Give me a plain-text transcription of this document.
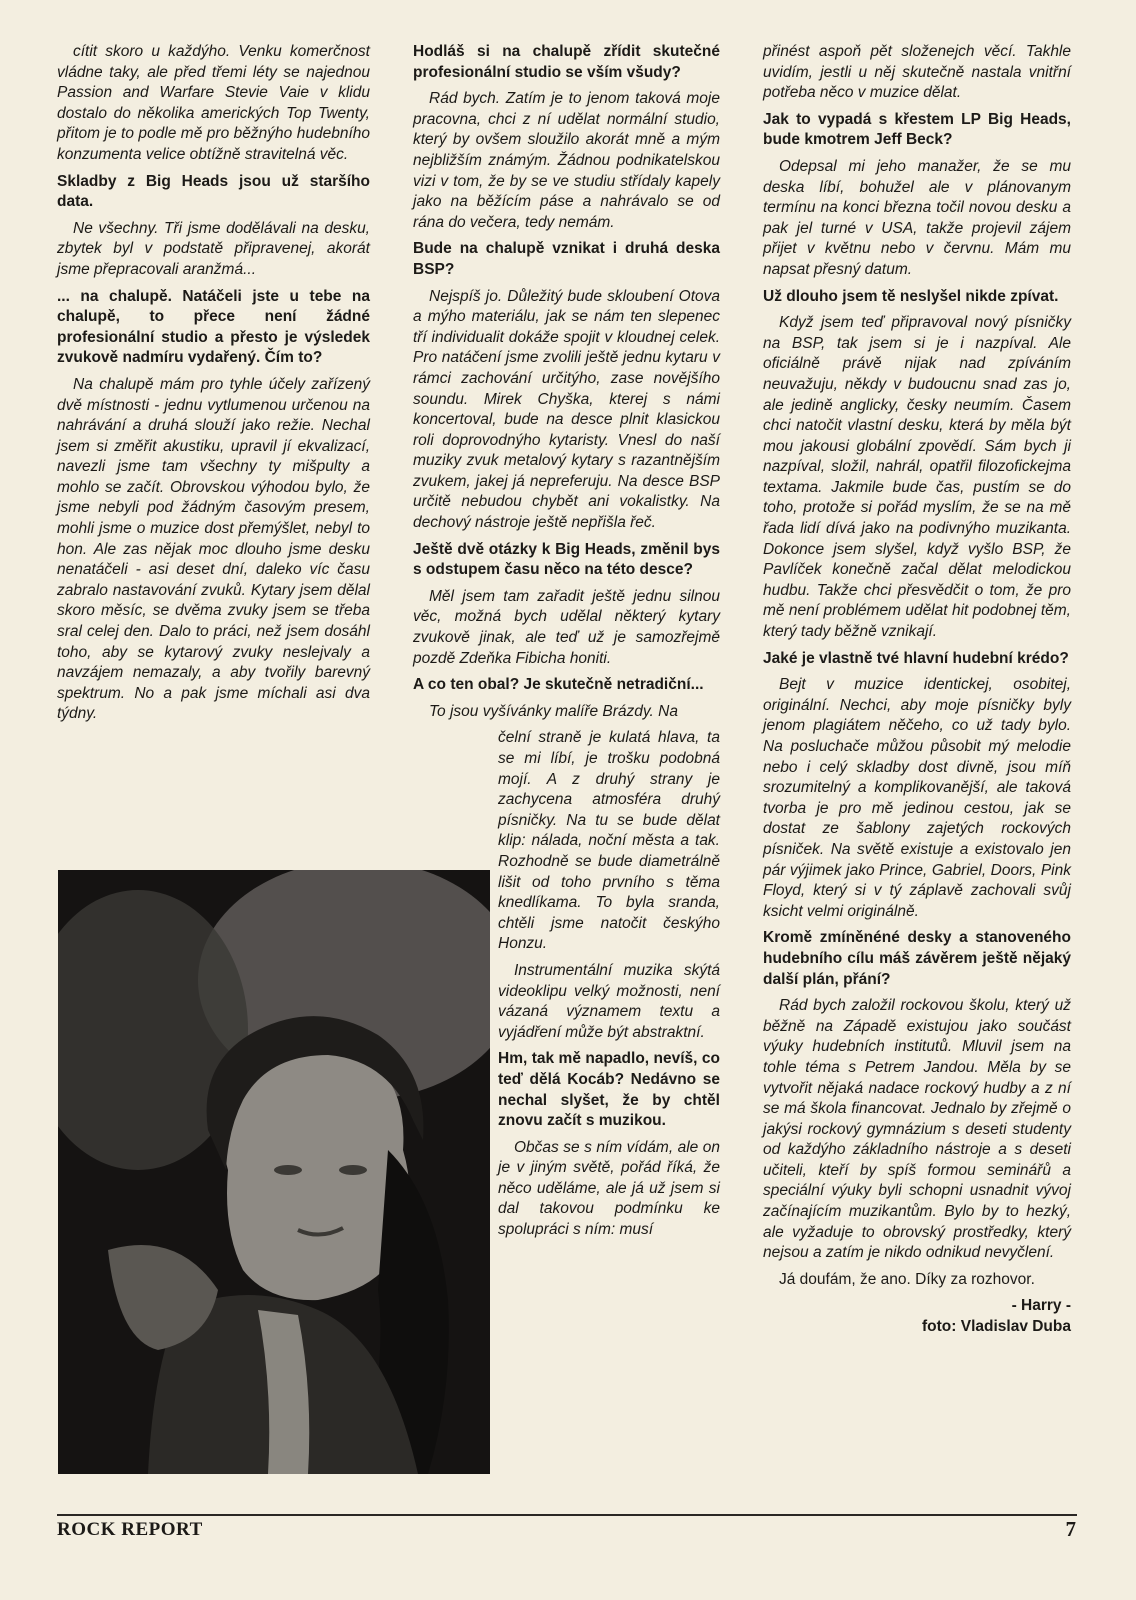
cítit skoro u každýho. Venku komerčnost vládne taky, ale před třemi léty se najednou Passion and Warfare Stevie Vaie v klidu dostalo do několika amerických Top Twenty, přitom je to podle mě pro běžnýho hudebního konzumenta velice obtížně stravitelná věc.

Skladby z Big Heads jsou už staršího data.

Ne všechny. Tři jsme dodělávali na desku, zbytek byl v podstatě připravenej, akorát jsme přepracovali aranžmá...

... na chalupě. Natáčeli jste u tebe na chalupě, to přece není žádné profesionální studio a přesto je výsledek zvukově nadmíru vydařený. Čím to?

Na chalupě mám pro tyhle účely zařízený dvě místnosti - jednu vytlumenou určenou na nahrávání a druhá slouží jako režie. Nechal jsem si změřit akustiku, upravil jí ekvalizací, navezli jsme tam všechny ty mišpulty a mohlo se začít. Obrovskou výhodou bylo, že jsme nebyli pod žádným časovým presem, mohli jsme o muzice dost přemýšlet, nebyl to hon. Ale zas nějak moc dlouho jsme desku nenatáčeli - asi deset dní, daleko víc času zabralo nastavování zvuků. Kytary jsem dělal skoro měsíc, se dvěma zvuky jsem se třeba sral celej den. Dalo to práci, než jsem dosáhl toho, aby se kytarový zvuky neslejvaly a navzájem nemazaly, a aby tvořily barevný spektrum. No a pak jsme míchali asi dva týdny.

Hodláš si na chalupě zřídit skutečné profesionální studio se vším všudy?

Rád bych. Zatím je to jenom taková moje pracovna, chci z ní udělat normální studio, který by ovšem sloužilo akorát mně a mým nejbližším známým. Žádnou podnikatelskou vizi v tom, že by se ve studiu střídaly kapely jako na běžícím páse a nahrávalo se od rána do večera, tedy nemám.

Bude na chalupě vznikat i druhá deska BSP?

Nejspíš jo. Důležitý bude skloubení Otova a mýho materiálu, jak se nám ten slepenec tří individualit dokáže spojit v kloudnej celek. Pro natáčení jsme zvolili ještě jednu kytaru v rámci zachování určitýho, zase novějšího soundu. Mirek Chyška, kterej s námi koncertoval, bude na desce plnit klasickou roli doprovodnýho kytaristy. Vnesl do naší muziky zvuk metalový kytary s razantnějším zvukem, jakej já nepreferuju. Na desce BSP určitě nebudou chybět ani vokalistky. Na dechový nástroje ještě nepřišla řeč.

Ještě dvě otázky k Big Heads, změnil bys s odstupem času něco na této desce?

Měl jsem tam zařadit ještě jednu silnou věc, možná bych udělal některý kytary zvukově jinak, ale teď už je samozřejmě pozdě Zdeňka Fibicha honiti.

A co ten obal? Je skutečně netradiční...

To jsou vyšívánky malíře Brázdy. Na

čelní straně je kulatá hlava, ta se mi líbí, je trošku podobná mojí. A z druhý strany je zachycena atmosféra druhý písničky. Na tu se bude dělat klip: nálada, noční města a tak. Rozhodně se bude diametrálně lišit od toho prvního s těma knedlíkama. To byla sranda, chtěli jsme natočit českýho Honzu.

Instrumentální muzika skýtá videoklipu velký možnosti, není vázaná významem textu a vyjádření může být abstraktní.

Hm, tak mě napadlo, nevíš, co teď dělá Kocáb? Nedávno se nechal slyšet, že by chtěl znovu začít s muzikou.

Občas se s ním vídám, ale on je v jiným světě, pořád říká, že něco uděláme, ale já už jsem si dal takovou podmínku ke spolupráci s ním: musí

přinést aspoň pět složenejch věcí. Takhle uvidím, jestli u něj skutečně nastala vnitřní potřeba něco v muzice dělat.

Jak to vypadá s křestem LP Big Heads, bude kmotrem Jeff Beck?

Odepsal mi jeho manažer, že se mu deska líbí, bohužel ale v plánovanym termínu na konci března točil novou desku a pak jel turné v USA, takže projevil zájem přijet v květnu nebo v červnu. Mám mu napsat přesný datum.

Už dlouho jsem tě neslyšel nikde zpívat.

Když jsem teď připravoval nový písničky na BSP, tak jsem si je i nazpíval. Ale oficiálně právě nijak nad zpíváním neuvažuju, někdy v budoucnu snad zas jo, ale jedině anglicky, česky neumím. Časem chci natočit vlastní desku, která by měla být mou jakousi globální zpovědí. Sám bych ji nazpíval, složil, nahrál, opatřil filozofickejma textama. Jakmile bude čas, pustím se do toho, protože si pořád myslím, že se na mě řada lidí dívá jako na podivnýho muzikanta. Dokonce jsem slyšel, když vyšlo BSP, že Pavlíček konečně začal dělat melodickou hudbu. Takže chci přesvědčit o tom, že pro mě není problémem udělat hit podobnej těm, který tady běžně vznikají.

Jaké je vlastně tvé hlavní hudební krédo?

Bejt v muzice identickej, osobitej, originální. Nechci, aby moje písničky byly jenom plagiátem něčeho, co už tady bylo. Na posluchače můžou působit mý melodie nebo i celý skladby dost divně, jsou míň srozumitelný a komplikovanější, ale taková tvorba je pro mě jedinou cestou, jak se dostat ze šablony zajetých rockových písniček. Na světě existuje a existovalo jen pár výjimek jako Prince, Gabriel, Doors, Pink Floyd, který si v tý záplavě zachovali svůj ksicht velmi originálně.

Kromě zmíněnéné desky a stanoveného hudebního cílu máš závěrem ještě nějaký další plán, přání?

Rád bych založil rockovou školu, který už běžně na Západě existujou jako součást výuky hudebních institutů. Mluvil jsem na tohle téma s Petrem Jandou. Měla by se vytvořit nějaká nadace rockový hudby a z ní se má škola financovat. Jednalo by zřejmě o jakýsi rockový gymnázium s deseti studenty od každýho základního nástroje a s deseti učiteli, kteří by spíš formou seminářů a speciální výuky byli schopni usnadnit vývoj začínajícím muzikantům. Bylo by to hezký, ale vyžaduje to obrovský prostředky, který nejsou a zatím je nikdo odnikud nevyčlení.

Já doufám, že ano. Díky za rozhovor.

- Harry -

foto: Vladislav Duba

ROCK REPORT	7
